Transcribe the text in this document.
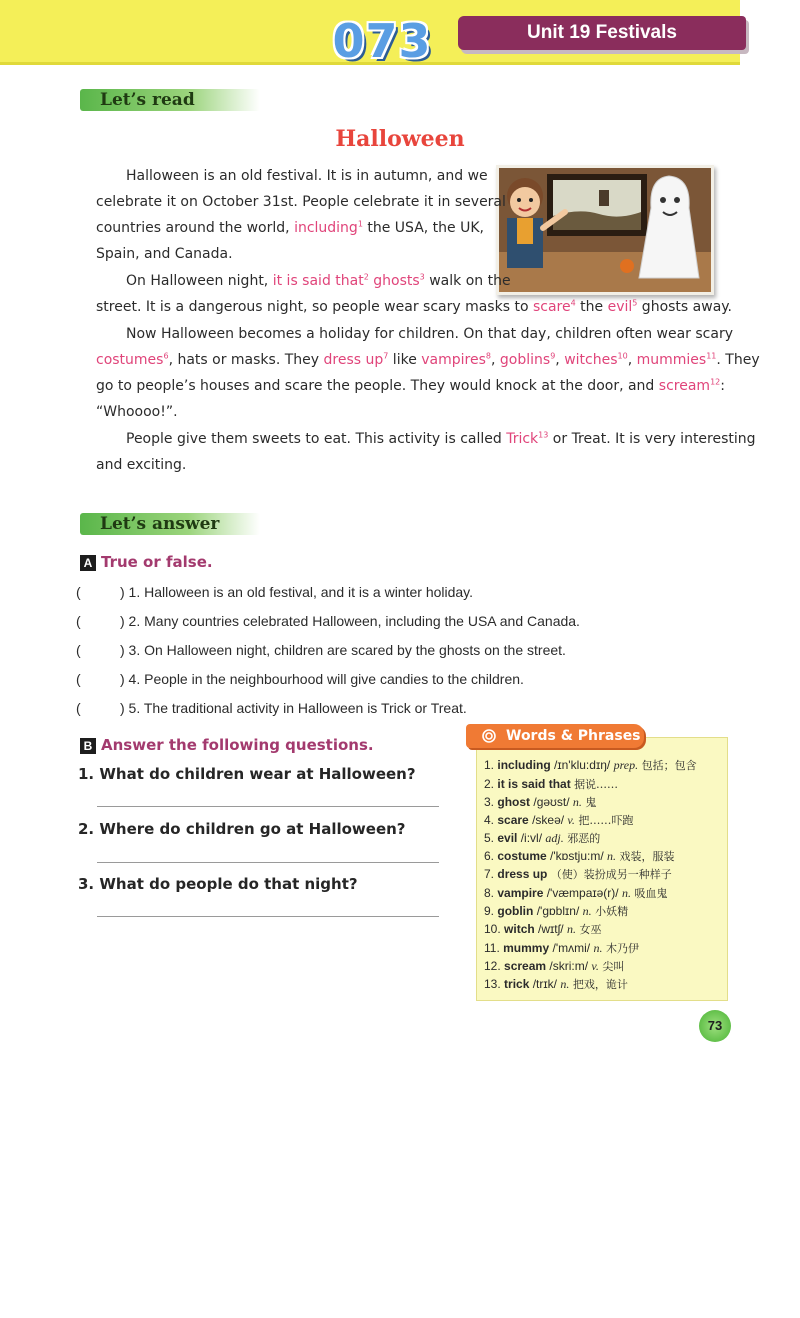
073	Unit 19 Festivals
Let’s read
Halloween
Halloween is an old festival. It is in autumn, and we
celebrate it on October 31st. People celebrate it in several
countries around the world, including$^1$ the USA, the UK,
Spain, and Canada.
On Halloween night, it is said that$^2$ ghosts$^3$ walk on the
street. It is a dangerous night, so people wear scary masks to scare$^4$ the evil$^5$ ghosts away.
Now Halloween becomes a holiday for children. On that day, children often wear scary
costumes$^6$, hats or masks. They dress $up^7$ like vampires$^8$, goblins$^9$, witches$^{10}$, mummies$^{11}$. They
go to people’s houses and scare the people. They would knock at the door, and scream$^{12}$:
“Whoooo!”.
People give them sweets to eat. This activity is called Trick$^{13}$ or Treat. It is very interesting
and exciting.
Let’s answer
A True or false.
(	) 1. Halloween is an old festival, and it is a winter holiday.
(	) 2. Many countries celebrated Halloween, including the USA and Canada.
(	) 3. On Halloween night, children are scared by the ghosts on the street.
(	) 4. People in the neighbourhood will give candies to the children.
(	) 5. The traditional activity in Halloween is Trick or Treat.
B Answer the following questions.
1. What do children wear at Halloween?
2. Where do children go at Halloween?
3. What do people do that night?
Words & Phrases
1. including /ɪn'klu:dɪŋ/ prep. 包括；包含
2. it is said that 据说……
3. ghost /gəʊst/ n. 鬼
4. scare /skeə/ v. 把……吓跑
5. evil /i:vl/ adj. 邪恶的
6. costume /'kɒstju:m/ n. 戏装，服装
7. dress up （使）装扮成另一种样子
8. vampire /'væmpaɪə(r)/ n. 吸血鬼
9. goblin /'gɒblɪn/ n. 小妖精
10. witch /wɪtʃ/ n. 女巫
11. mummy /'mʌmi/ n. 木乃伊
12. scream /skri:m/ v. 尖叫
13. trick /trɪk/ n. 把戏，诡计
73
